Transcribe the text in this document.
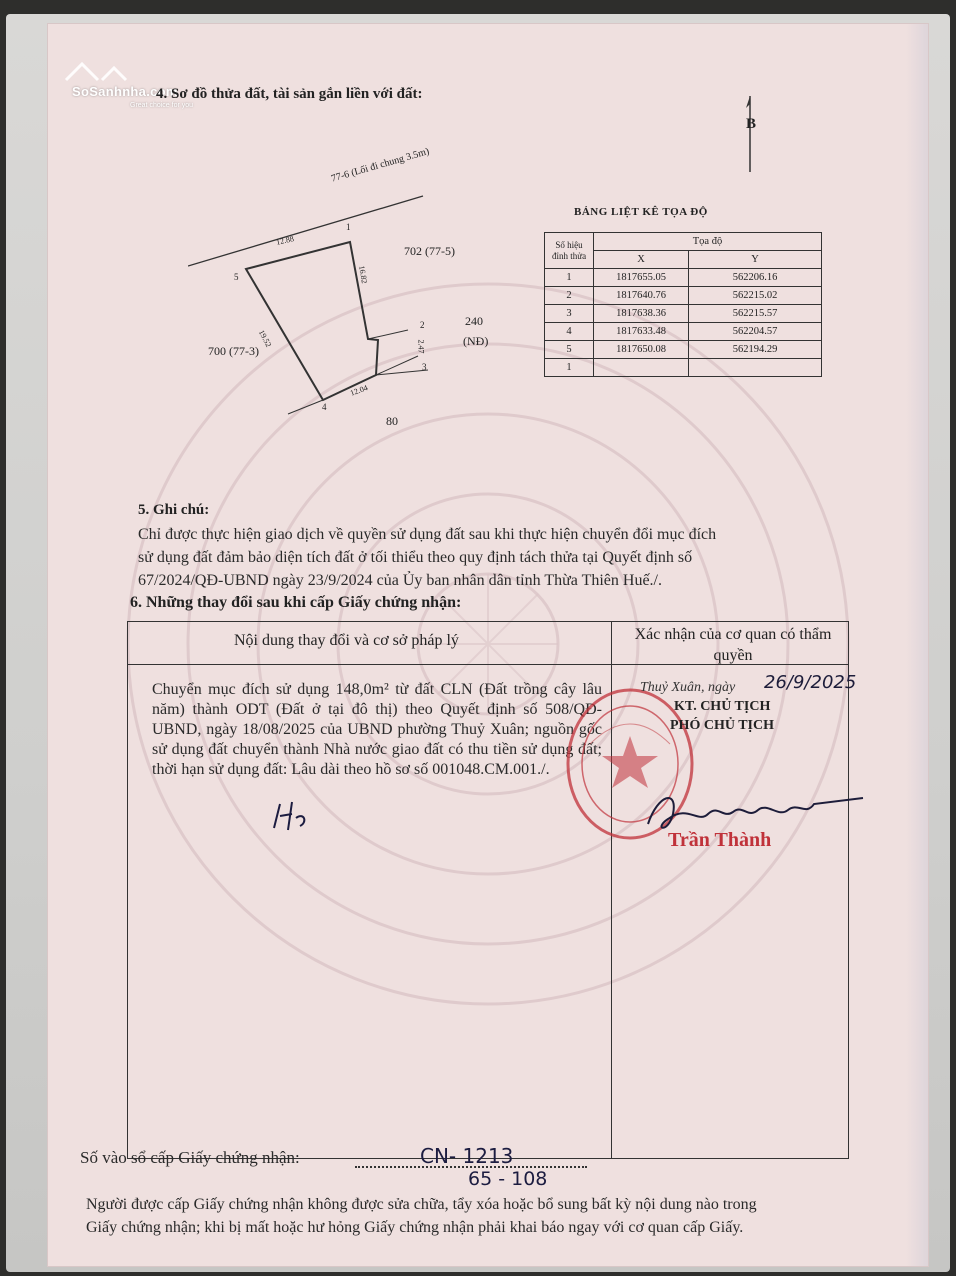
SoSanhnha.com
Great choice for you
4. Sơ đồ thửa đất, tài sản gắn liền với đất:
B
77-6 (Lối đi chung 3.5m)
702 (77-5)
240
(NĐ)
700 (77-3)
80
1
2
3
4
5
12.88
16.82
2.47
12.04
19.52
BẢNG LIỆT KÊ TỌA ĐỘ
Số hiệu đỉnh thửa	Tọa độ	
	X	Y
1	1817655.05	562206.16
2	1817640.76	562215.02
3	1817638.36	562215.57
4	1817633.48	562204.57
5	1817650.08	562194.29
1		
5. Ghi chú:
Chỉ được thực hiện giao dịch về quyền sử dụng đất sau khi thực hiện chuyển đổi mục đích
sử dụng đất đảm bảo diện tích đất ở tối thiểu theo quy định tách thửa tại Quyết định số
67/2024/QĐ-UBND ngày 23/9/2024 của Ủy ban nhân dân tỉnh Thừa Thiên Huế./.
6. Những thay đổi sau khi cấp Giấy chứng nhận:
Nội dung thay đổi và cơ sở pháp lý	Xác nhận của cơ quan có thẩm quyền
Chuyển mục đích sử dụng 148,0m² từ đất CLN (Đất trồng cây lâu năm) thành ODT (Đất ở tại đô thị) theo Quyết định số 508/QĐ-UBND, ngày 18/08/2025 của UBND phường Thuỷ Xuân; nguồn gốc sử dụng đất chuyển thành Nhà nước giao đất có thu tiền sử dụng đất; thời hạn sử dụng đất: Lâu dài theo hồ sơ số 001048.CM.001./.
Thuỷ Xuân, ngày 26/9/2025
KT. CHỦ TỊCH
PHÓ CHỦ TỊCH
Trần Thành
Số vào sổ cấp Giấy chứng nhận:	CN- 1213
65 - 108
Người được cấp Giấy chứng nhận không được sửa chữa, tẩy xóa hoặc bổ sung bất kỳ nội dung nào trong
Giấy chứng nhận; khi bị mất hoặc hư hỏng Giấy chứng nhận phải khai báo ngay với cơ quan cấp Giấy.
